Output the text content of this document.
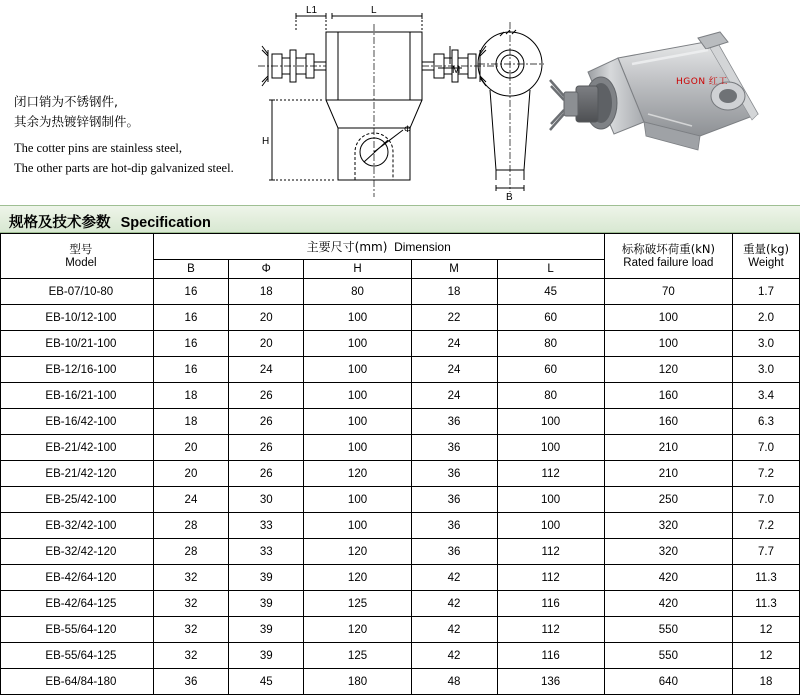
闭口销为不锈钢件,
其余为热镀锌钢制件。
The cotter pins are stainless steel,
The other parts are hot-dip galvanized steel.
Φ
L1	L
H
M
B
HGON 红工
规格及技术参数 Specification
型号
Model	主要尺寸(mm) Dimension					标称破坏荷重(kN)
Rated failure load	重量(kg)
Weight

	B	Φ	H	M	L		
EB-07/10-80	16	18	80	18	45	70	1.7
EB-10/12-100	16	20	100	22	60	100	2.0
EB-10/21-100	16	20	100	24	80	100	3.0
EB-12/16-100	16	24	100	24	60	120	3.0
EB-16/21-100	18	26	100	24	80	160	3.4
EB-16/42-100	18	26	100	36	100	160	6.3
EB-21/42-100	20	26	100	36	100	210	7.0
EB-21/42-120	20	26	120	36	112	210	7.2
EB-25/42-100	24	30	100	36	100	250	7.0
EB-32/42-100	28	33	100	36	100	320	7.2
EB-32/42-120	28	33	120	36	112	320	7.7
EB-42/64-120	32	39	120	42	112	420	11.3
EB-42/64-125	32	39	125	42	116	420	11.3
EB-55/64-120	32	39	120	42	112	550	12
EB-55/64-125	32	39	125	42	116	550	12
EB-64/84-180	36	45	180	48	136	640	18
